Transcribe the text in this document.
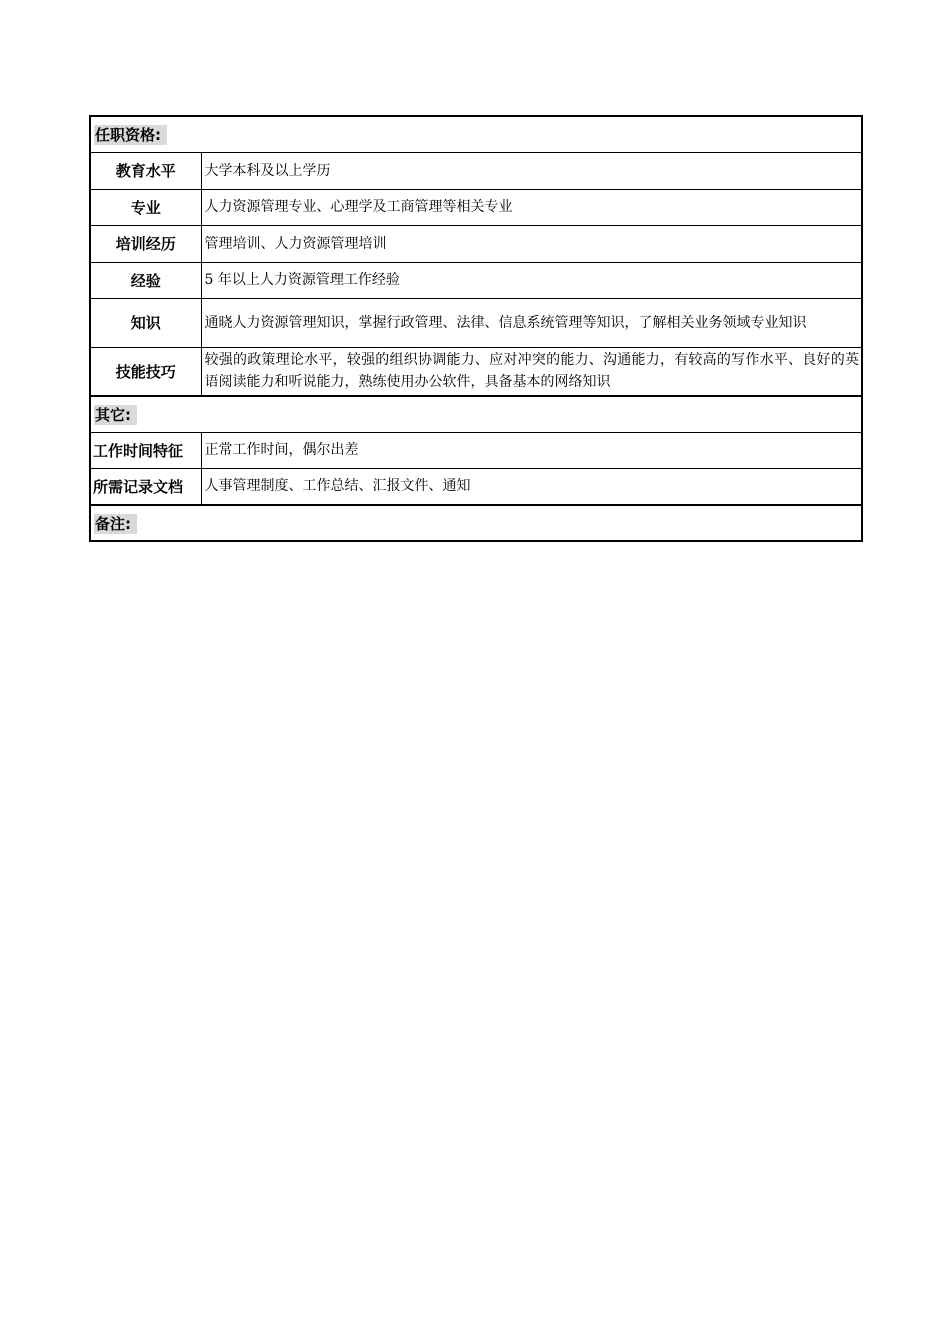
任职资格:	
教育水平	大学本科及以上学历
专业	人力资源管理专业、心理学及工商管理等相关专业
培训经历	管理培训、人力资源管理培训
经验	5 年以上人力资源管理工作经验
知识	通晓人力资源管理知识，掌握行政管理、法律、信息系统管理等知识，了解相关业务领域专业知识
技能技巧	较强的政策理论水平，较强的组织协调能力、应对冲突的能力、沟通能力，有较高的写作水平、良好的英语阅读能力和听说能力，熟练使用办公软件，具备基本的网络知识
其它:	
工作时间特征	正常工作时间，偶尔出差
所需记录文档	人事管理制度、工作总结、汇报文件、通知
备注:	
